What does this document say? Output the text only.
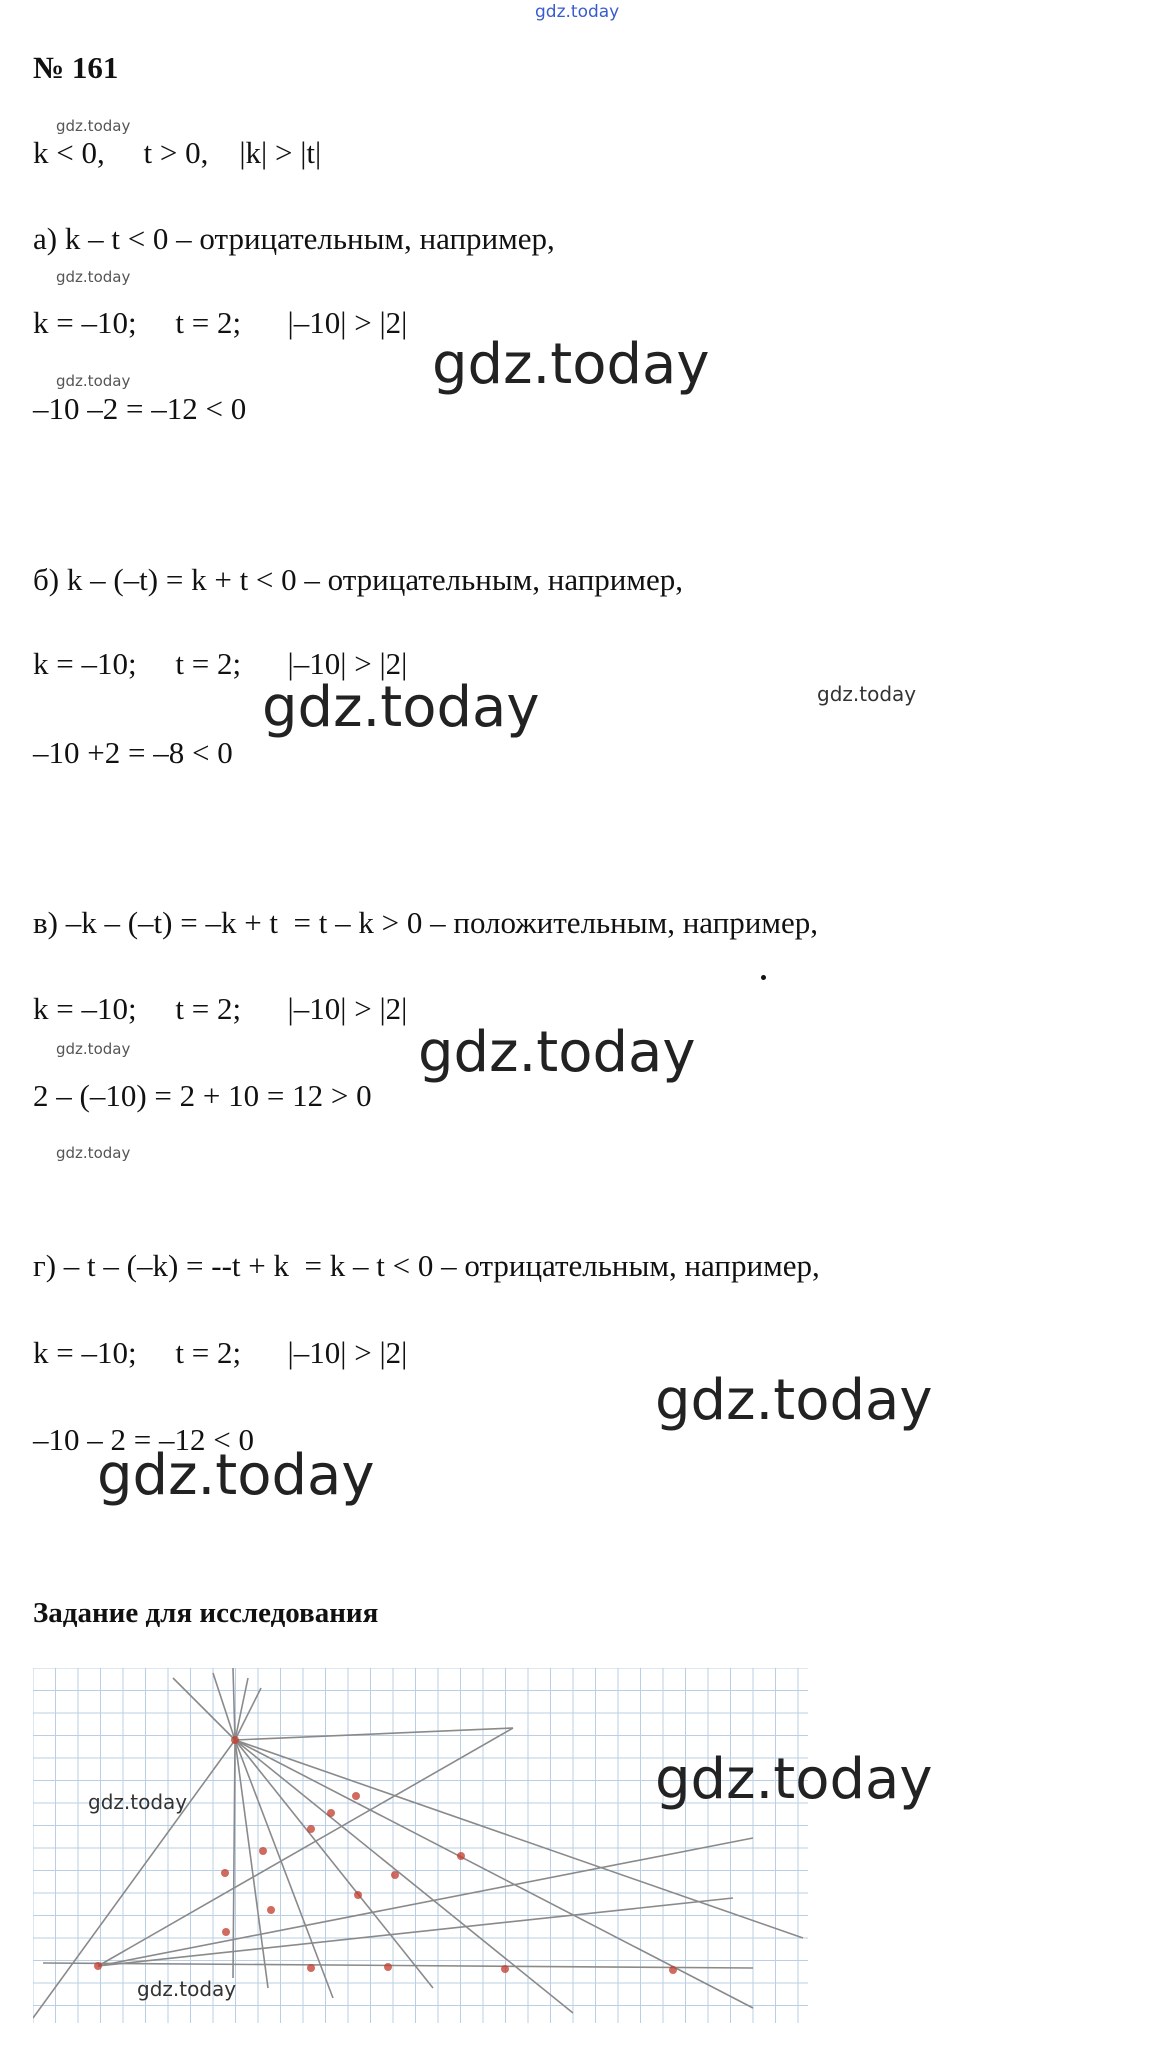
gdz.today
№ 161
gdz.today
k < 0,     t > 0,    |k| > |t|
а) k – t < 0 – отрицательным, например,
gdz.today
k = –10;     t = 2;      |–10| > |2|
gdz.today
gdz.today
–10 –2 = –12 < 0
б) k – (–t) = k + t < 0 – отрицательным, например,
k = –10;     t = 2;      |–10| > |2|
gdz.today
gdz.today
–10 +2 = –8 < 0
в) –k – (–t) = –k + t  = t – k > 0 – положительным, например,
k = –10;     t = 2;      |–10| > |2|
gdz.today	gdz.today
2 – (–10) = 2 + 10 = 12 > 0
gdz.today
г) – t – (–k) = --t + k  = k – t < 0 – отрицательным, например,
k = –10;     t = 2;      |–10| > |2|
gdz.today
–10 – 2 = –12 < 0
gdz.today
Задание для исследования
gdz.today	gdz.today
gdz.today
